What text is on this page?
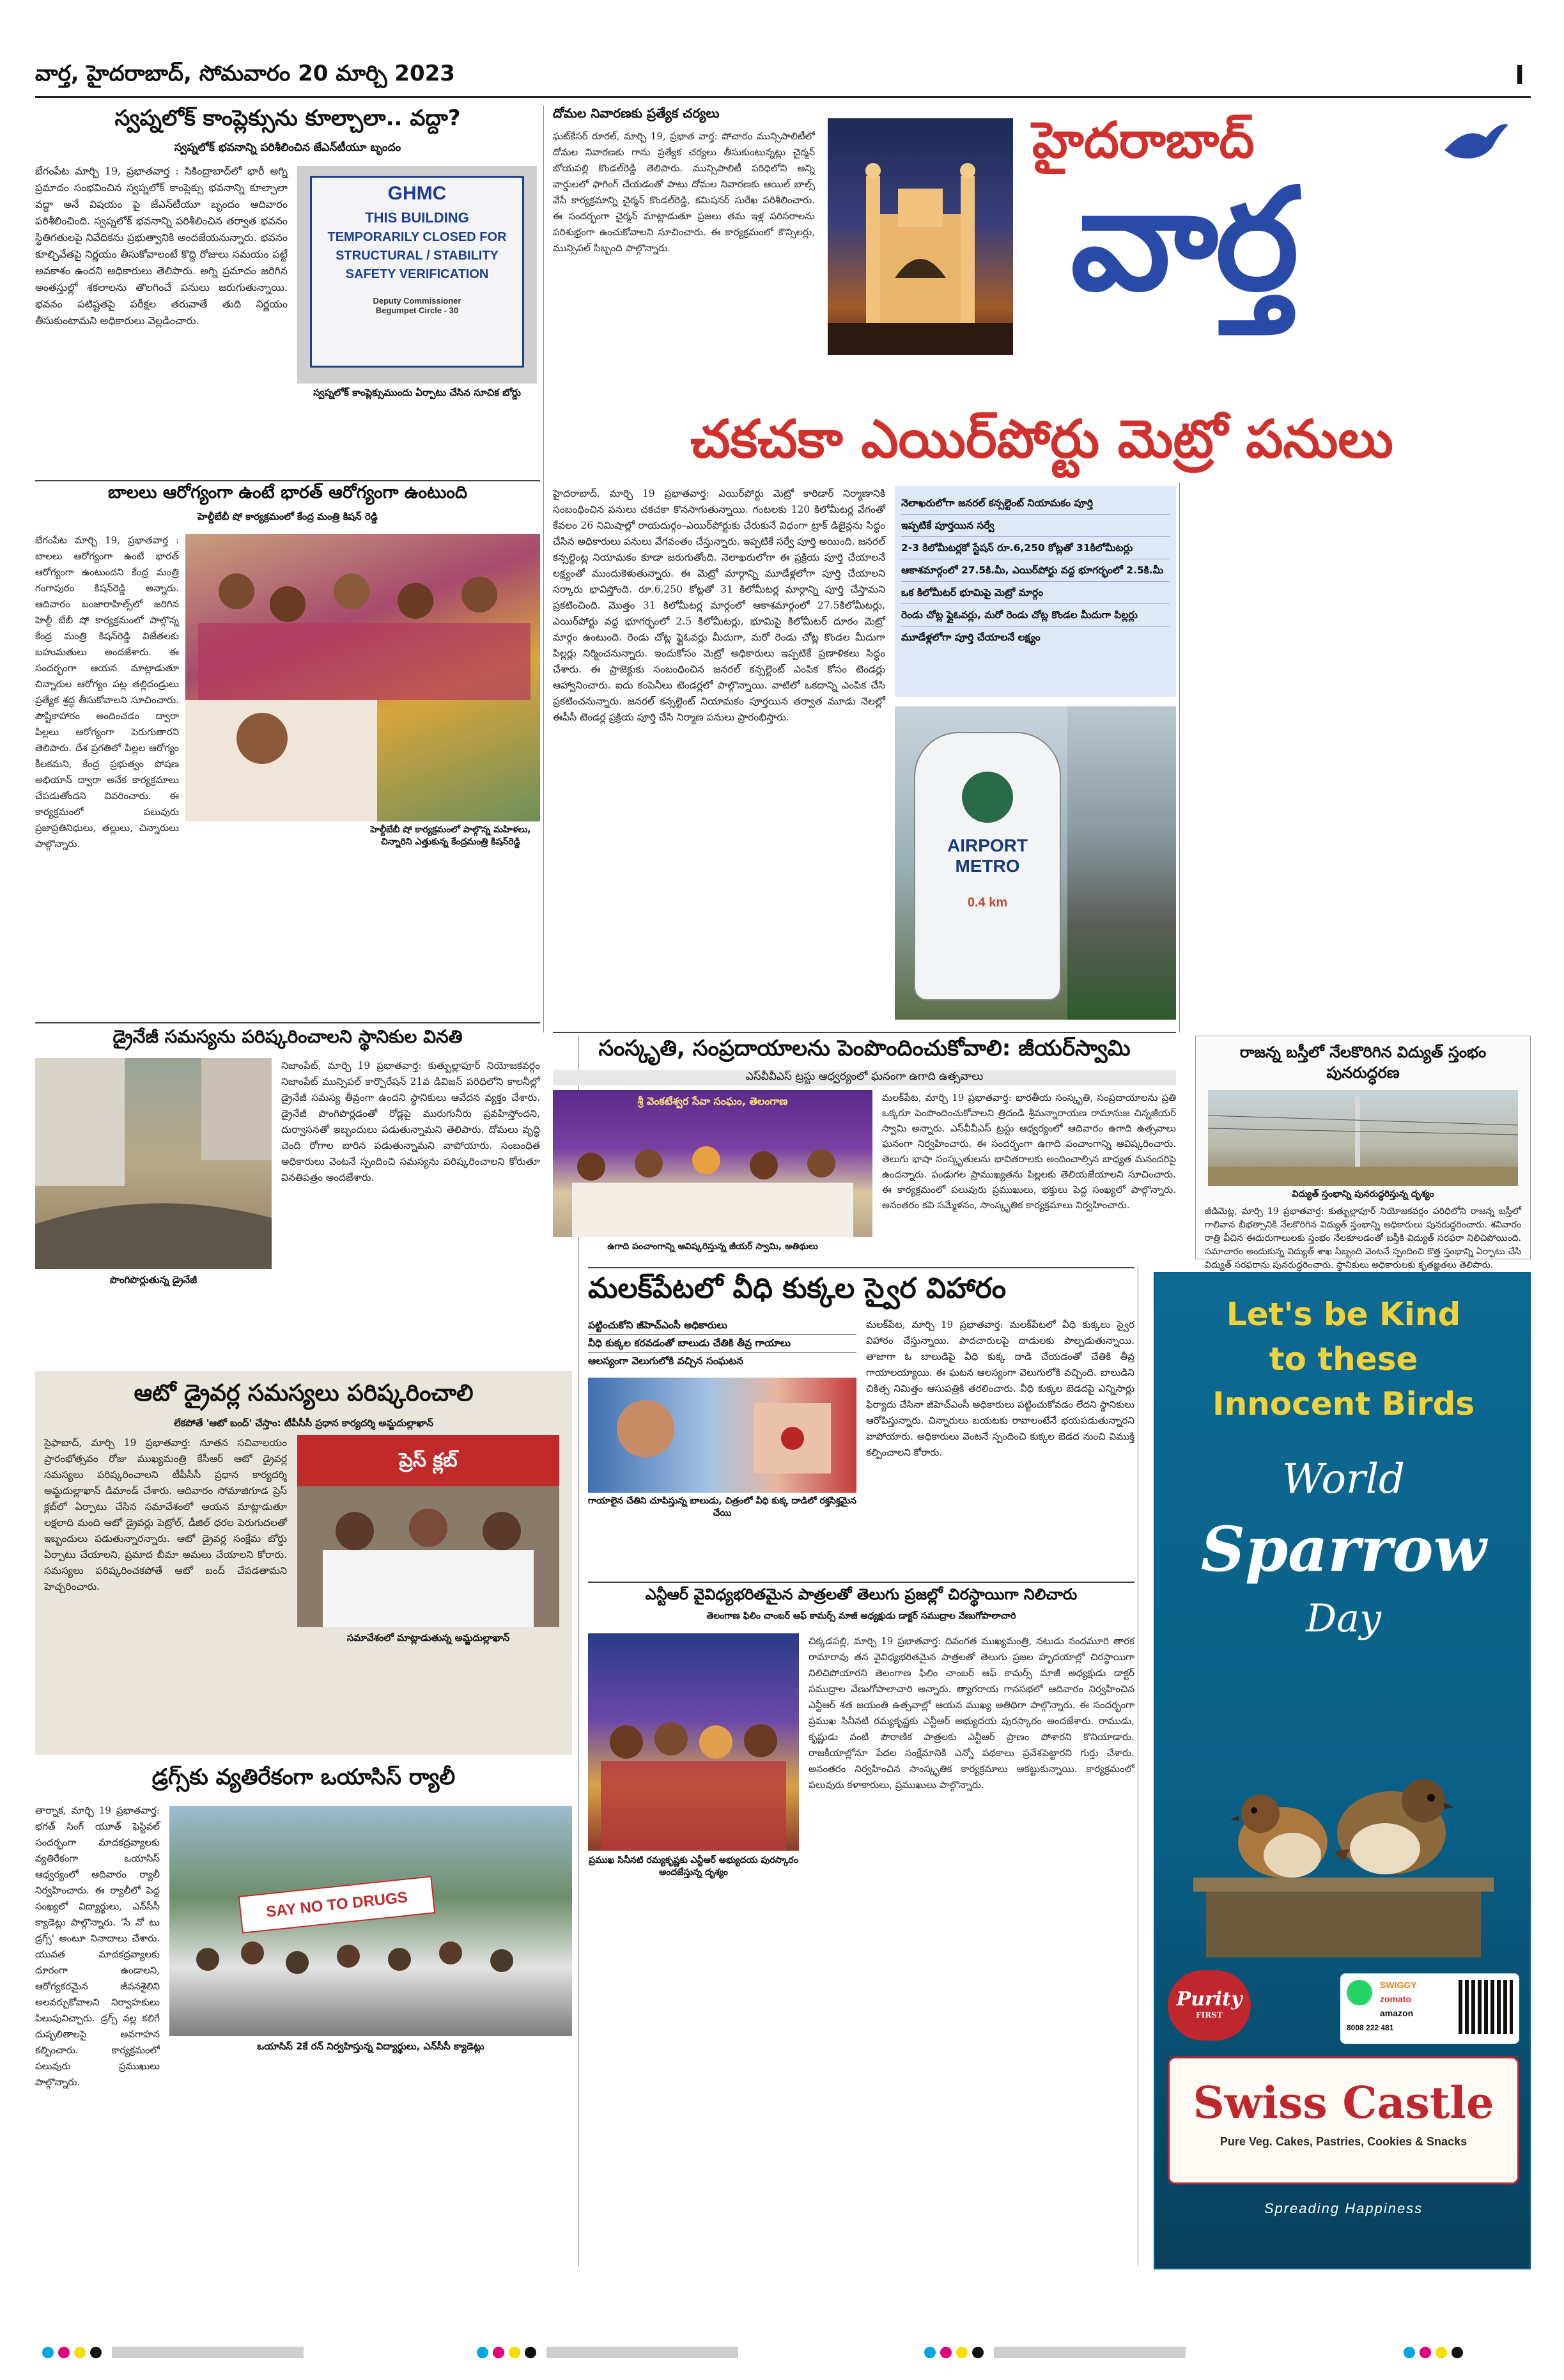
వార్త, హైదరాబాద్, సోమవారం 20 మార్చి 2023	I
స్వప్నలోక్ కాంప్లెక్సును కూల్చాలా.. వద్దా?
స్వప్నలోక్ భవనాన్ని పరిశీలించిన జేఎన్‌టీయూ బృందం
బేగంపేట మార్చి 19, ప్రభాతవార్త : సికింద్రాబాద్‌లో భారీ అగ్ని ప్రమాదం సంభవించిన స్వప్నలోక్ కాంప్లెక్సు భవనాన్ని కూల్చాలా వద్దా అనే విషయం పై జేఎన్‌టీయూ బృందం ఆదివారం పరిశీలించింది. స్వప్నలోక్ భవనాన్ని పరిశీలించిన తర్వాత భవనం స్థితిగతులపై నివేదికను ప్రభుత్వానికి అందజేయనున్నారు. భవనం కూల్చివేతపై నిర్ణయం తీసుకోవాలంటే కొద్ది రోజులు సమయం పట్టే అవకాశం ఉందని అధికారులు తెలిపారు. అగ్ని ప్రమాదం జరిగిన అంతస్తుల్లో శకలాలను తొలగించే పనులు జరుగుతున్నాయి. భవనం పటిష్టతపై పరీక్షల తరువాతే తుది నిర్ణయం తీసుకుంటామని అధికారులు వెల్లడించారు.
GHMC
THIS BUILDING
TEMPORARILY CLOSED FOR
STRUCTURAL / STABILITY
SAFETY VERIFICATION
Deputy Commissioner
Begumpet Circle - 30
స్వప్నలోక్ కాంప్లెక్సుముందు ఏర్పాటు చేసిన సూచిక బోర్డు
దోమల నివారణకు ప్రత్యేక చర్యలు
ఘట్‌కేసర్ రూరల్, మార్చి 19, ప్రభాత వార్త: పోచారం మున్సిపాలిటీలో దోమల నివారణకు గాను ప్రత్యేక చర్యలు తీసుకుంటున్నట్లు చైర్మన్ బోయపల్లి కొండల్‌రెడ్డి తెలిపారు. మున్సిపాలిటీ పరిధిలోని అన్ని వార్డులలో ఫాగింగ్ చేయడంతో పాటు దోమల నివారణకు ఆయిల్ బాల్స్ వేసే కార్యక్రమాన్ని చైర్మన్ కొండల్‌రెడ్డి, కమిషనర్ సురేఖ పరిశీలించారు. ఈ సందర్భంగా చైర్మన్ మాట్లాడుతూ ప్రజలు తమ ఇళ్ల పరిసరాలను పరిశుభ్రంగా ఉంచుకోవాలని సూచించారు. ఈ కార్యక్రమంలో కౌన్సిలర్లు, మున్సిపల్ సిబ్బంది పాల్గొన్నారు.
హైదరాబాద్
వార్త
చకచకా ఎయిర్‌పోర్టు మెట్రో పనులు
బాలలు ఆరోగ్యంగా ఉంటే భారత్ ఆరోగ్యంగా ఉంటుంది
హెల్దీబేబీ షో కార్యక్రమంలో కేంద్ర మంత్రి కిషన్ రెడ్డి
బేగంపేట మార్చి 19, ప్రభాతవార్త : బాలలు ఆరోగ్యంగా ఉంటే భారత్ ఆరోగ్యంగా ఉంటుందని కేంద్ర మంత్రి గంగాపురం కిషన్‌రెడ్డి అన్నారు. ఆదివారం బంజారాహిల్స్‌లో జరిగిన హెల్దీ బేబీ షో కార్యక్రమంలో పాల్గొన్న కేంద్ర మంత్రి కిషన్‌రెడ్డి విజేతలకు బహుమతులు అందజేశారు. ఈ సందర్భంగా ఆయన మాట్లాడుతూ చిన్నారుల ఆరోగ్యం పట్ల తల్లిదండ్రులు ప్రత్యేక శ్రద్ధ తీసుకోవాలని సూచించారు. పౌష్టికాహారం అందించడం ద్వారా పిల్లలు ఆరోగ్యంగా పెరుగుతారని తెలిపారు. దేశ ప్రగతిలో పిల్లల ఆరోగ్యం కీలకమని, కేంద్ర ప్రభుత్వం పోషణ అభియాన్ ద్వారా అనేక కార్యక్రమాలు చేపడుతోందని వివరించారు. ఈ కార్యక్రమంలో పలువురు ప్రజాప్రతినిధులు, తల్లులు, చిన్నారులు పాల్గొన్నారు.
హెల్దీబేబీ షో కార్యక్రమంలో పాల్గొన్న మహిళలు, చిన్నారిని ఎత్తుకున్న కేంద్రమంత్రి కిషన్‌రెడ్డి
హైదరాబాద్, మార్చి 19 ప్రభాతవార్త: ఎయిర్‌పోర్టు మెట్రో కారిడార్ నిర్మాణానికి సంబంధించిన పనులు చకచకా కొనసాగుతున్నాయి. గంటలకు 120 కిలోమీటర్ల వేగంతో కేవలం 26 నిమిషాల్లో రాయదుర్గం–ఎయిర్‌పోర్టుకు చేరుకునే విధంగా ట్రాక్ డిజైన్లను సిద్ధం చేసిన అధికారులు పనులు వేగవంతం చేస్తున్నారు. ఇప్పటికే సర్వే పూర్తి అయింది. జనరల్ కన్సల్టెంట్ల నియామకం కూడా జరుగుతోంది. నెలాఖరులోగా ఈ ప్రక్రియ పూర్తి చేయాలనే లక్ష్యంతో ముందుకెళుతున్నారు. ఈ మెట్రో మార్గాన్ని మూడేళ్లలోగా పూర్తి చేయాలని సర్కారు భావిస్తోంది. రూ.6,250 కోట్లతో 31 కిలోమీటర్ల మార్గాన్ని పూర్తి చేస్తామని ప్రకటించింది. మొత్తం 31 కిలోమీటర్ల మార్గంలో ఆకాశమార్గంలో 27.5కిలోమీటర్లు, ఎయిర్‌పోర్టు వద్ద భూగర్భంలో 2.5 కిలోమీటర్లు, భూమిపై కిలోమీటర్ దూరం మెట్రో మార్గం ఉంటుంది. రెండు చోట్ల ఫ్లైఓవర్లు మీదుగా, మరో రెండు చోట్ల కొండల మీదుగా పిల్లర్లు నిర్మించనున్నారు. ఇందుకోసం మెట్రో అధికారులు ఇప్పటికే ప్రణాళికలు సిద్ధం చేశారు. ఈ ప్రాజెక్టుకు సంబంధించిన జనరల్ కన్సల్టెంట్ ఎంపిక కోసం టెండర్లు ఆహ్వానించారు. ఐదు కంపెనీలు టెండర్లలో పాల్గొన్నాయి. వాటిలో ఒకదాన్ని ఎంపిక చేసి ప్రకటించనున్నారు. జనరల్ కన్సల్టెంట్ నియామకం పూర్తయిన తర్వాత మూడు నెలల్లో ఈపీసీ టెండర్ల ప్రక్రియ పూర్తి చేసి నిర్మాణ పనులు ప్రారంభిస్తారు.
నెలాఖరులోగా జనరల్ కన్సల్టెంట్ నియామకం పూర్తి
ఇప్పటికే పూర్తయిన సర్వే
2-3 కిలోమీటర్లకో స్టేషన్ రూ.6,250 కోట్లతో 31కిలోమీటర్లు
ఆకాశమార్గంలో 27.5కి.మీ, ఎయిర్‌పోర్టు వద్ద భూగర్భంలో 2.5కి.మీ
ఒక కిలోమీటర్ భూమిపై మెట్రో మార్గం
రెండు చోట్ల ఫ్లైఓవర్లు, మరో రెండు చోట్ల కొండల మీదుగా పిల్లర్లు
మూడేళ్లలోగా పూర్తి చేయాలనే లక్ష్యం
AIRPORT METRO
0.4 km
డ్రైనేజీ సమస్యను పరిష్కరించాలని స్థానికుల వినతి
పొంగిపొర్లుతున్న డ్రైనేజీ
నిజాంపేట్, మార్చి 19 ప్రభాతవార్త: కుత్బుల్లాపూర్ నియోజకవర్గం నిజాంపేట్ మున్సిపల్ కార్పొరేషన్ 21వ డివిజన్ పరిధిలోని కాలనీల్లో డ్రైనేజీ సమస్య తీవ్రంగా ఉందని స్థానికులు ఆవేదన వ్యక్తం చేశారు. డ్రైనేజీ పొంగిపొర్లడంతో రోడ్లపై మురుగునీరు ప్రవహిస్తోందని, దుర్వాసనతో ఇబ్బందులు పడుతున్నామని తెలిపారు. దోమలు వృద్ధి చెంది రోగాల బారిన పడుతున్నామని వాపోయారు. సంబంధిత అధికారులు వెంటనే స్పందించి సమస్యను పరిష్కరించాలని కోరుతూ వినతిపత్రం అందజేశారు.
సంస్కృతి, సంప్రదాయాలను పెంపొందించుకోవాలి: జీయర్‌స్వామి
ఎస్‌వీవీఎస్ ట్రస్టు ఆధ్వర్యంలో ఘనంగా ఉగాది ఉత్సవాలు
శ్రీ వెంకటేశ్వర సేవా సంఘం, తెలంగాణ
ఉగాది పంచాంగాన్ని ఆవిష్కరిస్తున్న జీయర్ స్వామి, అతిథులు
మలక్‌పేట, మార్చి 19 ప్రభాతవార్త: భారతీయ సంస్కృతి, సంప్రదాయాలను ప్రతి ఒక్కరూ పెంపొందించుకోవాలని త్రిదండి శ్రీమన్నారాయణ రామానుజ చిన్నజీయర్ స్వామి అన్నారు. ఎస్‌వీవీఎస్ ట్రస్టు ఆధ్వర్యంలో ఆదివారం ఉగాది ఉత్సవాలు ఘనంగా నిర్వహించారు. ఈ సందర్భంగా ఉగాది పంచాంగాన్ని ఆవిష్కరించారు. తెలుగు భాషా సంస్కృతులను భావితరాలకు అందించాల్సిన బాధ్యత మనందరిపై ఉందన్నారు. పండుగల ప్రాముఖ్యతను పిల్లలకు తెలియజేయాలని సూచించారు. ఈ కార్యక్రమంలో పలువురు ప్రముఖులు, భక్తులు పెద్ద సంఖ్యలో పాల్గొన్నారు. అనంతరం కవి సమ్మేళనం, సాంస్కృతిక కార్యక్రమాలు నిర్వహించారు.
రాజన్న బస్తీలో నేలకొరిగిన విద్యుత్ స్తంభం పునరుద్ధరణ
విద్యుత్ స్తంభాన్ని పునరుద్ధరిస్తున్న దృశ్యం
జీడిమెట్ల, మార్చి 19 ప్రభాతవార్త: కుత్బుల్లాపూర్ నియోజకవర్గం పరిధిలోని రాజన్న బస్తీలో గాలివాన బీభత్సానికి నేలకొరిగిన విద్యుత్ స్తంభాన్ని అధికారులు పునరుద్ధరించారు. శనివారం రాత్రి వీచిన ఈదురుగాలులకు స్తంభం నేలకూలడంతో బస్తీకి విద్యుత్ సరఫరా నిలిచిపోయింది. సమాచారం అందుకున్న విద్యుత్ శాఖ సిబ్బంది వెంటనే స్పందించి కొత్త స్తంభాన్ని ఏర్పాటు చేసి విద్యుత్ సరఫరాను పునరుద్ధరించారు. స్థానికులు అధికారులకు కృతజ్ఞతలు తెలిపారు.
ఆటో డ్రైవర్ల సమస్యలు పరిష్కరించాలి
లేకపోతే 'ఆటో బంద్' చేస్తాం: టీపీసీసీ ప్రధాన కార్యదర్శి అమ్జదుల్లాఖాన్
సైఫాబాద్, మార్చి 19 ప్రభాతవార్త: నూతన సచివాలయం ప్రారంభోత్సవం రోజు ముఖ్యమంత్రి కేసీఆర్ ఆటో డ్రైవర్ల సమస్యలు పరిష్కరించాలని టీపీసీసీ ప్రధాన కార్యదర్శి అమ్జదుల్లాఖాన్ డిమాండ్ చేశారు. ఆదివారం సోమాజిగూడ ప్రెస్ క్లబ్‌లో ఏర్పాటు చేసిన సమావేశంలో ఆయన మాట్లాడుతూ లక్షలాది మంది ఆటో డ్రైవర్లు పెట్రోల్, డీజిల్ ధరల పెరుగుదలతో ఇబ్బందులు పడుతున్నారన్నారు. ఆటో డ్రైవర్ల సంక్షేమ బోర్డు ఏర్పాటు చేయాలని, ప్రమాద బీమా అమలు చేయాలని కోరారు. సమస్యలు పరిష్కరించకపోతే ఆటో బంద్ చేపడతామని హెచ్చరించారు.
ప్రెస్ క్లబ్
సమావేశంలో మాట్లాడుతున్న అమ్జదుల్లాఖాన్
డ్రగ్స్‌కు వ్యతిరేకంగా ఒయాసిస్ ర్యాలీ
తార్నాక, మార్చి 19 ప్రభాతవార్త: భగత్ సింగ్ యూత్ ఫెస్టివల్ సందర్భంగా మాదకద్రవ్యాలకు వ్యతిరేకంగా ఒయాసిస్ ఆధ్వర్యంలో ఆదివారం ర్యాలీ నిర్వహించారు. ఈ ర్యాలీలో పెద్ద సంఖ్యలో విద్యార్థులు, ఎన్‌సీసీ క్యాడెట్లు పాల్గొన్నారు. 'సే నో టు డ్రగ్స్' అంటూ నినాదాలు చేశారు. యువత మాదకద్రవ్యాలకు దూరంగా ఉండాలని, ఆరోగ్యకరమైన జీవనశైలిని అలవర్చుకోవాలని నిర్వాహకులు పిలుపునిచ్చారు. డ్రగ్స్ వల్ల కలిగే దుష్ఫలితాలపై అవగాహన కల్పించారు. కార్యక్రమంలో పలువురు ప్రముఖులు పాల్గొన్నారు.
SAY NO TO DRUGS
ఒయాసిస్ 2కే రన్ నిర్వహిస్తున్న విద్యార్థులు, ఎన్‌సీసీ క్యాడెట్లు
మలక్‌పేటలో వీధి కుక్కల స్వైర విహారం
పట్టించుకోని జీహెచ్‌ఎంసీ అధికారులు
వీధి కుక్కల కరవడంతో బాలుడు చేతికి తీవ్ర గాయాలు
ఆలస్యంగా వెలుగులోకి వచ్చిన సంఘటన
గాయాలైన చేతిని చూపిస్తున్న బాలుడు, చిత్రంలో వీధి కుక్క దాడిలో రక్తసిక్తమైన చేయి
మలక్‌పేట, మార్చి 19 ప్రభాతవార్త: మలక్‌పేటలో వీధి కుక్కలు స్వైర విహారం చేస్తున్నాయి. పాదచారులపై దాడులకు పాల్పడుతున్నాయి. తాజాగా ఓ బాలుడిపై వీధి కుక్క దాడి చేయడంతో చేతికి తీవ్ర గాయాలయ్యాయి. ఈ ఘటన ఆలస్యంగా వెలుగులోకి వచ్చింది. బాలుడిని చికిత్స నిమిత్తం ఆసుపత్రికి తరలించారు. వీధి కుక్కల బెడదపై ఎన్నిసార్లు ఫిర్యాదు చేసినా జీహెచ్‌ఎంసీ అధికారులు పట్టించుకోవడం లేదని స్థానికులు ఆరోపిస్తున్నారు. చిన్నారులు బయటకు రావాలంటేనే భయపడుతున్నారని వాపోయారు. అధికారులు వెంటనే స్పందించి కుక్కల బెడద నుంచి విముక్తి కల్పించాలని కోరారు.
ఎన్టీఆర్ వైవిధ్యభరితమైన పాత్రలతో తెలుగు ప్రజల్లో చిరస్థాయిగా నిలిచారు
తెలంగాణ ఫిలిం చాంబర్ ఆఫ్ కామర్స్ మాజీ అధ్యక్షుడు డాక్టర్ సముద్రాల వేణుగోపాలాచారి
ప్రముఖ సినీనటి రమ్యకృష్ణకు ఎన్టీఆర్ అభ్యుదయ పురస్కారం అందజేస్తున్న దృశ్యం
చిక్కడపల్లి, మార్చి 19 ప్రభాతవార్త: దివంగత ముఖ్యమంత్రి, నటుడు నందమూరి తారక రామారావు తన వైవిధ్యభరితమైన పాత్రలతో తెలుగు ప్రజల హృదయాల్లో చిరస్థాయిగా నిలిచిపోయారని తెలంగాణ ఫిలిం చాంబర్ ఆఫ్ కామర్స్ మాజీ అధ్యక్షుడు డాక్టర్ సముద్రాల వేణుగోపాలాచారి అన్నారు. త్యాగరాయ గానసభలో ఆదివారం నిర్వహించిన ఎన్టీఆర్ శత జయంతి ఉత్సవాల్లో ఆయన ముఖ్య అతిథిగా పాల్గొన్నారు. ఈ సందర్భంగా ప్రముఖ సినీనటి రమ్యకృష్ణకు ఎన్టీఆర్ అభ్యుదయ పురస్కారం అందజేశారు. రాముడు, కృష్ణుడు వంటి పౌరాణిక పాత్రలకు ఎన్టీఆర్ ప్రాణం పోశారని కొనియాడారు. రాజకీయాల్లోనూ పేదల సంక్షేమానికి ఎన్నో పథకాలు ప్రవేశపెట్టారని గుర్తు చేశారు. అనంతరం నిర్వహించిన సాంస్కృతిక కార్యక్రమాలు ఆకట్టుకున్నాయి. కార్యక్రమంలో పలువురు కళాకారులు, ప్రముఖులు పాల్గొన్నారు.
Let's be Kind
to these
Innocent Birds
World
Sparrow
Day
Purity
FIRST
SWIGGY
zomato
amazon
8008 222 481
Swiss Castle
Pure Veg. Cakes, Pastries, Cookies & Snacks
Spreading Happiness
